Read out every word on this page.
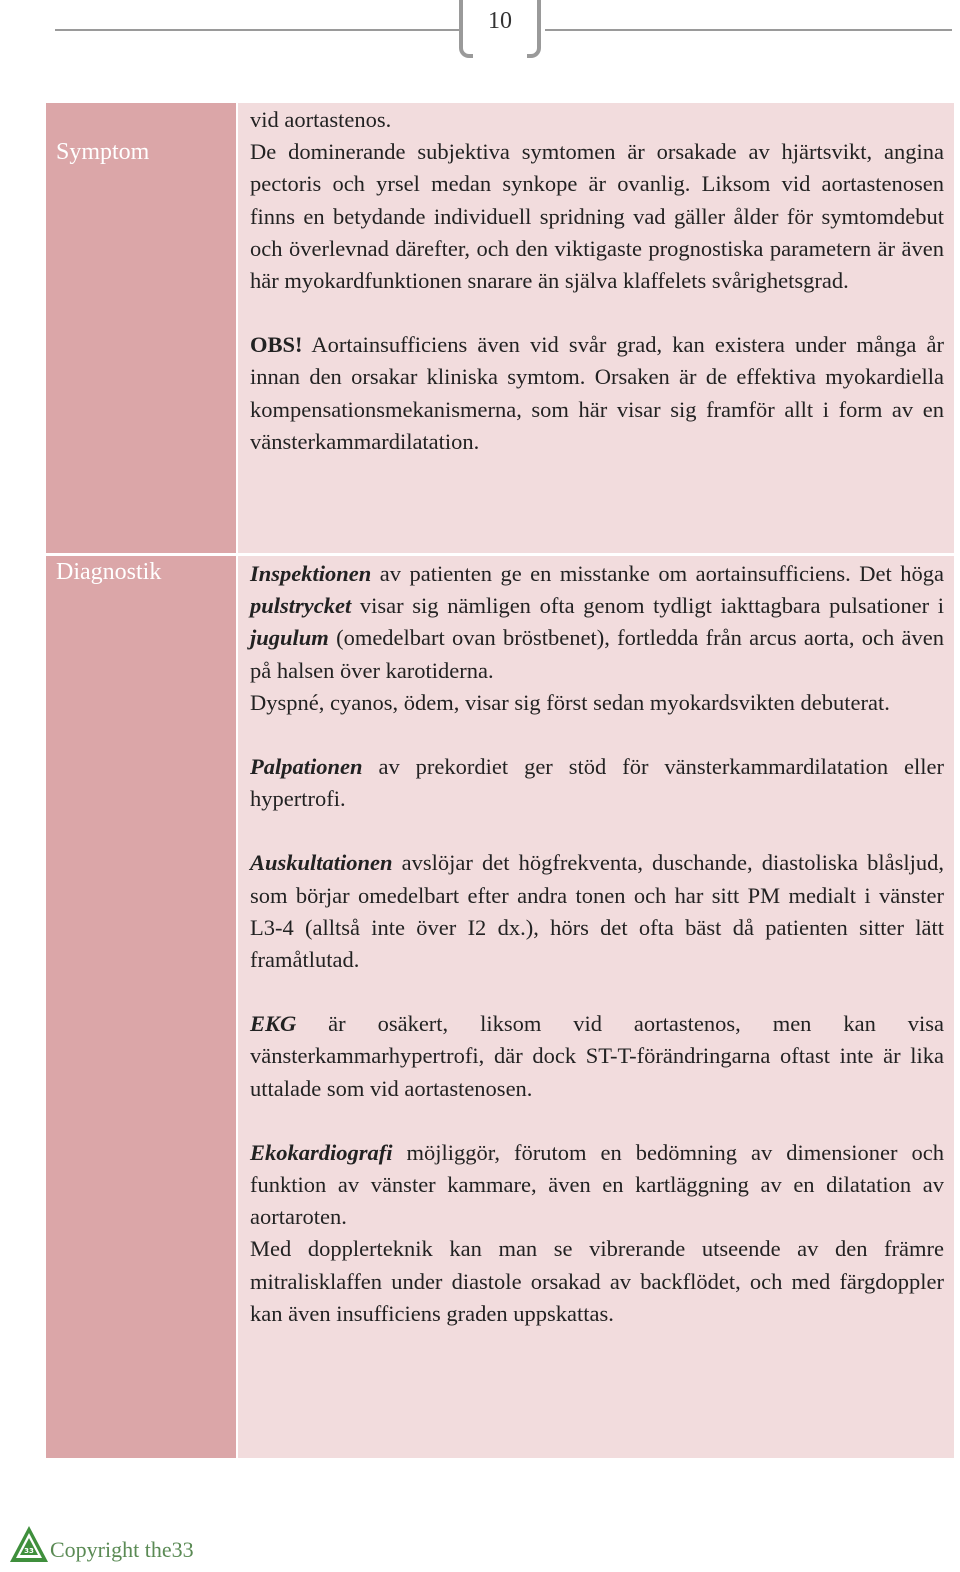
10
Symptom

vid aortastenos.

De dominerande subjektiva symtomen är orsakade av hjärtsvikt, angina pectoris och yrsel medan synkope är ovanlig. Liksom vid aortastenosen finns en betydande individuell spridning vad gäller ålder för symtomdebut och överlevnad därefter, och den viktigaste prognostiska parametern är även här myokardfunktionen snarare än själva klaffelets svårighetsgrad.

OBS! Aortainsufficiens även vid svår grad, kan existera under många år innan den orsakar kliniska symtom. Orsaken är de effektiva myokardiella kompensationsmekanismerna, som här visar sig framför allt i form av en vänsterkammardilatation.

Diagnostik	Inspektionen av patienten ge en misstanke om aortainsufficiens. Det höga pulstrycket visar sig nämligen ofta genom tydligt iakttagbara pulsationer i jugulum (omedelbart ovan bröstbenet), fortledda från arcus aorta, och även på halsen över karotiderna.

Dyspné, cyanos, ödem, visar sig först sedan myokardsvikten debuterat.

Palpationen av prekordiet ger stöd för vänsterkammardilatation eller hypertrofi.

Auskultationen avslöjar det högfrekventa, duschande, diastoliska blåsljud, som börjar omedelbart efter andra tonen och har sitt PM medialt i vänster L3-4 (alltså inte över I2 dx.), hörs det ofta bäst då patienten sitter lätt framåtlutad.

EKG är osäkert, liksom vid aortastenos, men kan visa vänsterkammarhypertrofi, där dock ST-T-förändringarna oftast inte är lika uttalade som vid aortastenosen.

Ekokardiografi möjliggör, förutom en bedömning av dimensioner och funktion av vänster kammare, även en kartläggning av en dilatation av aortaroten.

Med dopplerteknik kan man se vibrerande utseende av den främre mitralisklaffen under diastole orsakad av backflödet, och med färgdoppler kan även insufficiens graden uppskattas.

33 Copyright the33
